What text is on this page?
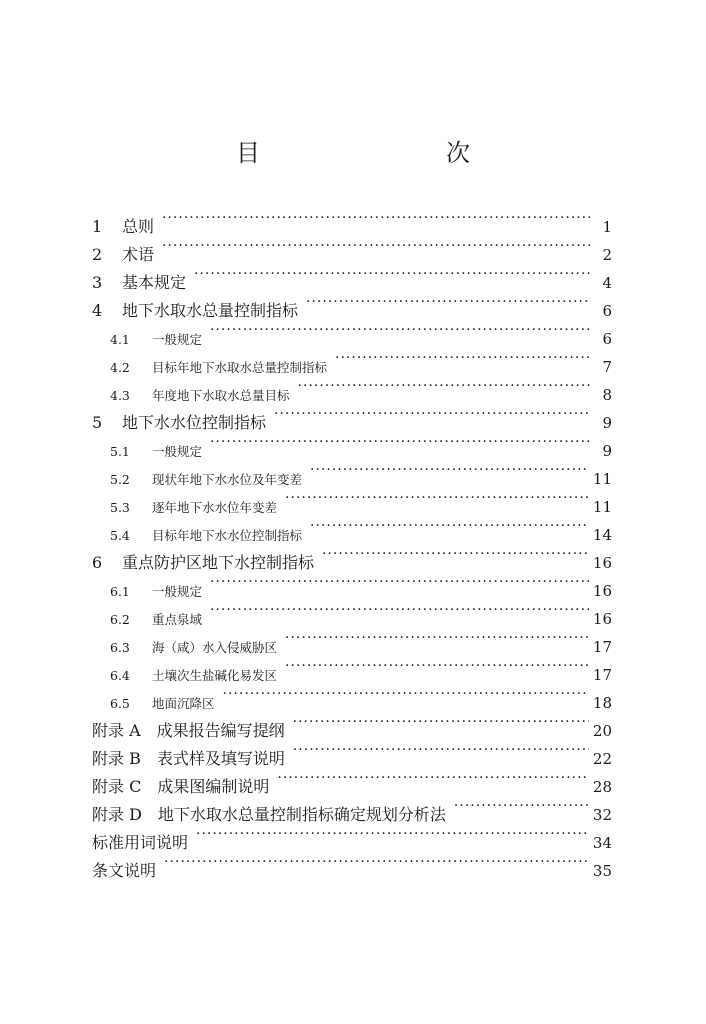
目　　次
1	总则 ·····	1
2	术语 ·····	2
3	基本规定 ·····	4
4	地下水取水总量控制指标 ·····	6
4.1	一般规定 ·····	6
4.2	目标年地下水取水总量控制指标 ·····	7
4.3	年度地下水取水总量目标 ·····	8
5	地下水水位控制指标 ·····	9
5.1	一般规定 ·····	9
5.2	现状年地下水水位及年变差 ·····	11
5.3	逐年地下水水位年变差 ·····	11
5.4	目标年地下水水位控制指标 ·····	14
6	重点防护区地下水控制指标 ·····	16
6.1	一般规定 ·····	16
6.2	重点泉域 ·····	16
6.3	海（咸）水入侵威胁区 ·····	17
6.4	土壤次生盐碱化易发区 ·····	17
6.5	地面沉降区 ·····	18
附录 A　成果报告编写提纲 ·····	20
附录 B　表式样及填写说明 ·····	22
附录 C　成果图编制说明 ·····	28
附录 D　地下水取水总量控制指标确定规划分析法 ·····	32
标准用词说明 ·····	34
条文说明 ·····	35
